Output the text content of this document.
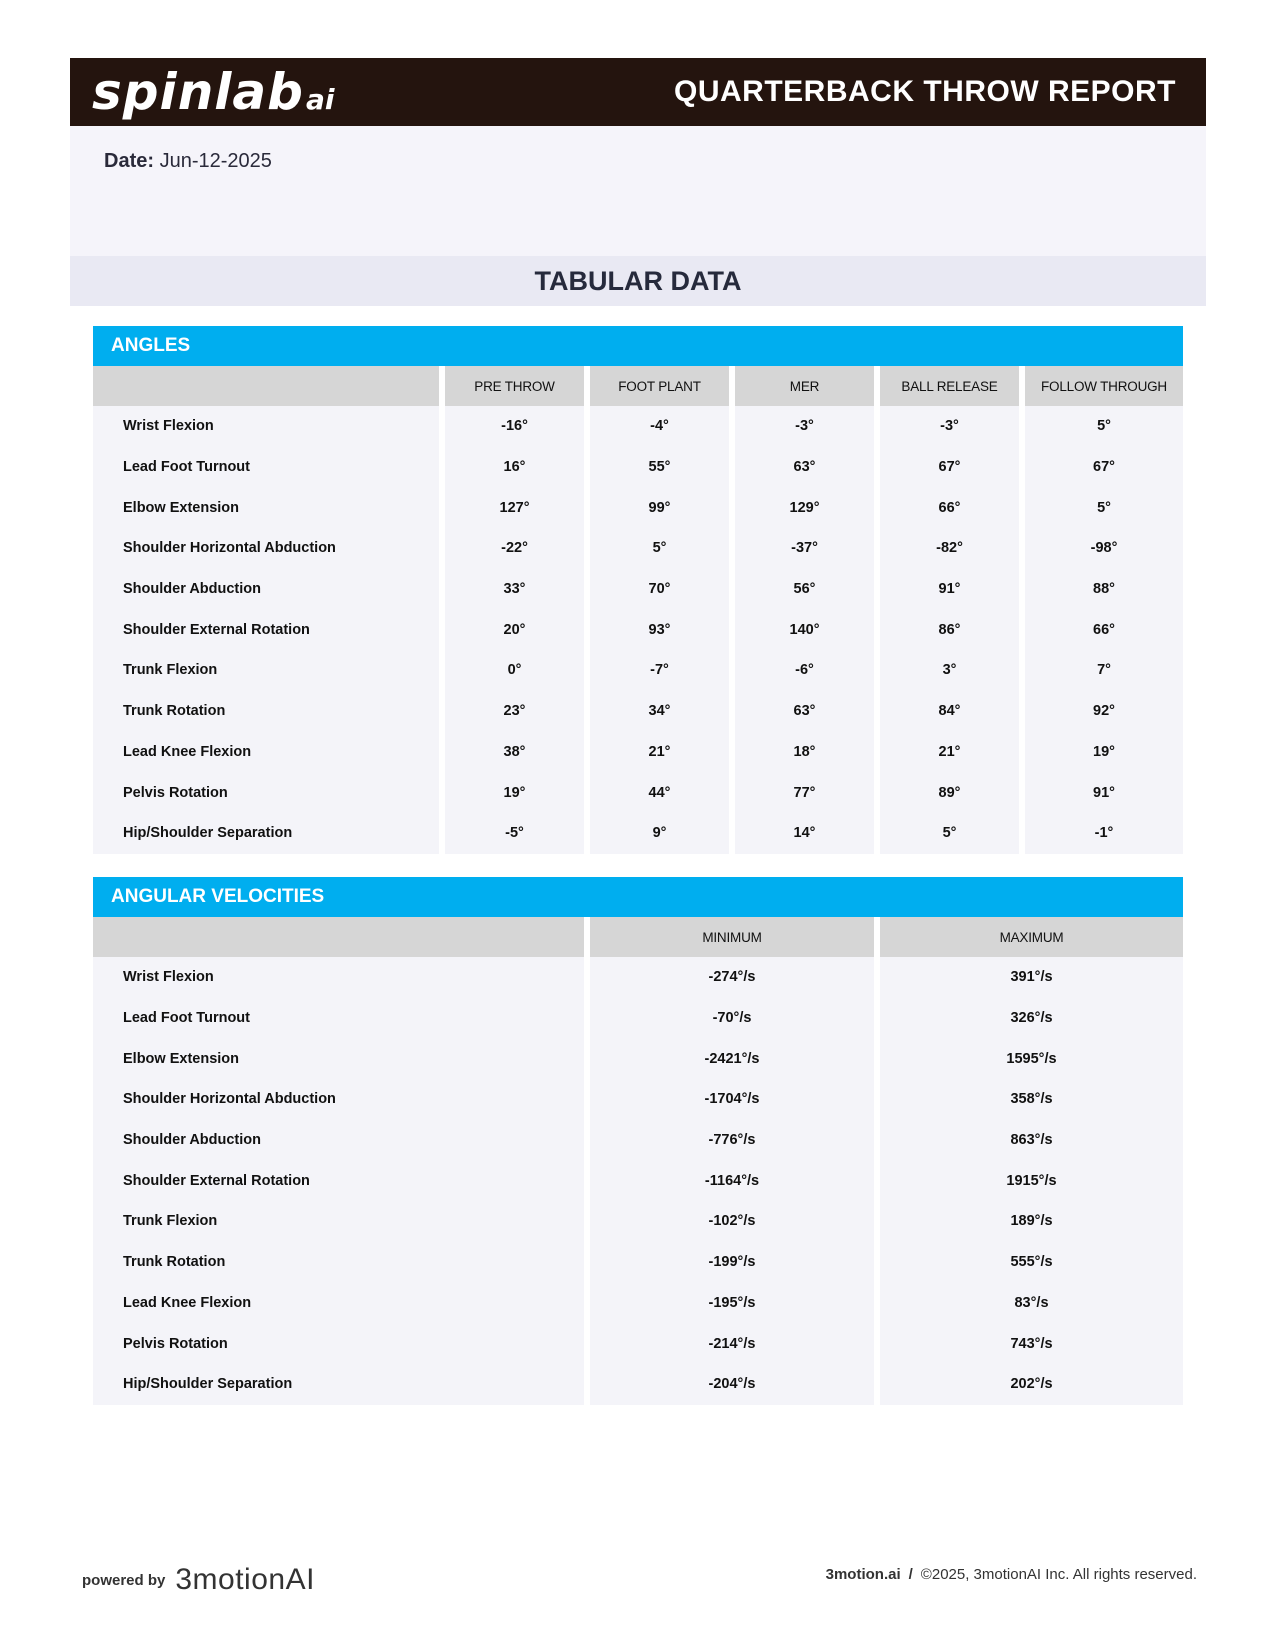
spinlab ai	QUARTERBACK THROW REPORT
Date: Jun-12-2025
TABULAR DATA
ANGLES
	PRE THROW	FOOT PLANT	MER	BALL RELEASE	FOLLOW THROUGH
Wrist Flexion	-16°	-4°	-3°	-3°	5°
Lead Foot Turnout	16°	55°	63°	67°	67°
Elbow Extension	127°	99°	129°	66°	5°
Shoulder Horizontal Abduction	-22°	5°	-37°	-82°	-98°
Shoulder Abduction	33°	70°	56°	91°	88°
Shoulder External Rotation	20°	93°	140°	86°	66°
Trunk Flexion	0°	-7°	-6°	3°	7°
Trunk Rotation	23°	34°	63°	84°	92°
Lead Knee Flexion	38°	21°	18°	21°	19°
Pelvis Rotation	19°	44°	77°	89°	91°
Hip/Shoulder Separation	-5°	9°	14°	5°	-1°
ANGULAR VELOCITIES
	MINIMUM	MAXIMUM
Wrist Flexion	-274°/s	391°/s
Lead Foot Turnout	-70°/s	326°/s
Elbow Extension	-2421°/s	1595°/s
Shoulder Horizontal Abduction	-1704°/s	358°/s
Shoulder Abduction	-776°/s	863°/s
Shoulder External Rotation	-1164°/s	1915°/s
Trunk Flexion	-102°/s	189°/s
Trunk Rotation	-199°/s	555°/s
Lead Knee Flexion	-195°/s	83°/s
Pelvis Rotation	-214°/s	743°/s
Hip/Shoulder Separation	-204°/s	202°/s
powered by 3motionAI	3motion.ai / ©2025, 3motionAI Inc. All rights reserved.
